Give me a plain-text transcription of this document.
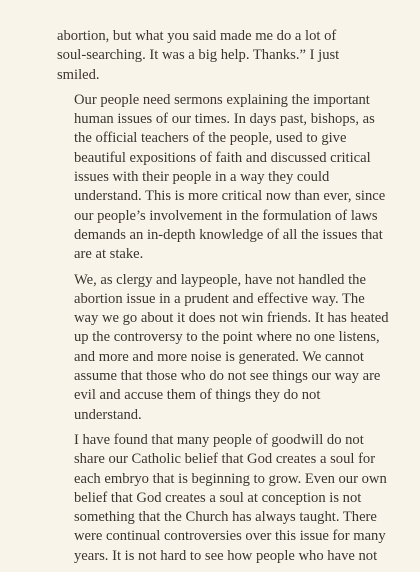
abortion, but what you said made me do a lot of
soul-searching. It was a big help. Thanks.” I just
smiled.

Our people need sermons explaining the important
human issues of our times. In days past, bishops, as
the official teachers of the people, used to give
beautiful expositions of faith and discussed critical
issues with their people in a way they could
understand. This is more critical now than ever, since
our people’s involvement in the formulation of laws
demands an in-depth knowledge of all the issues that
are at stake.

We, as clergy and laypeople, have not handled the
abortion issue in a prudent and effective way. The
way we go about it does not win friends. It has heated
up the controversy to the point where no one listens,
and more and more noise is generated. We cannot
assume that those who do not see things our way are
evil and accuse them of things they do not
understand.

I have found that many people of goodwill do not
share our Catholic belief that God creates a soul for
each embryo that is beginning to grow. Even our own
belief that God creates a soul at conception is not
something that the Church has always taught. There
were continual controversies over this issue for many
years. It is not hard to see how people who have not
